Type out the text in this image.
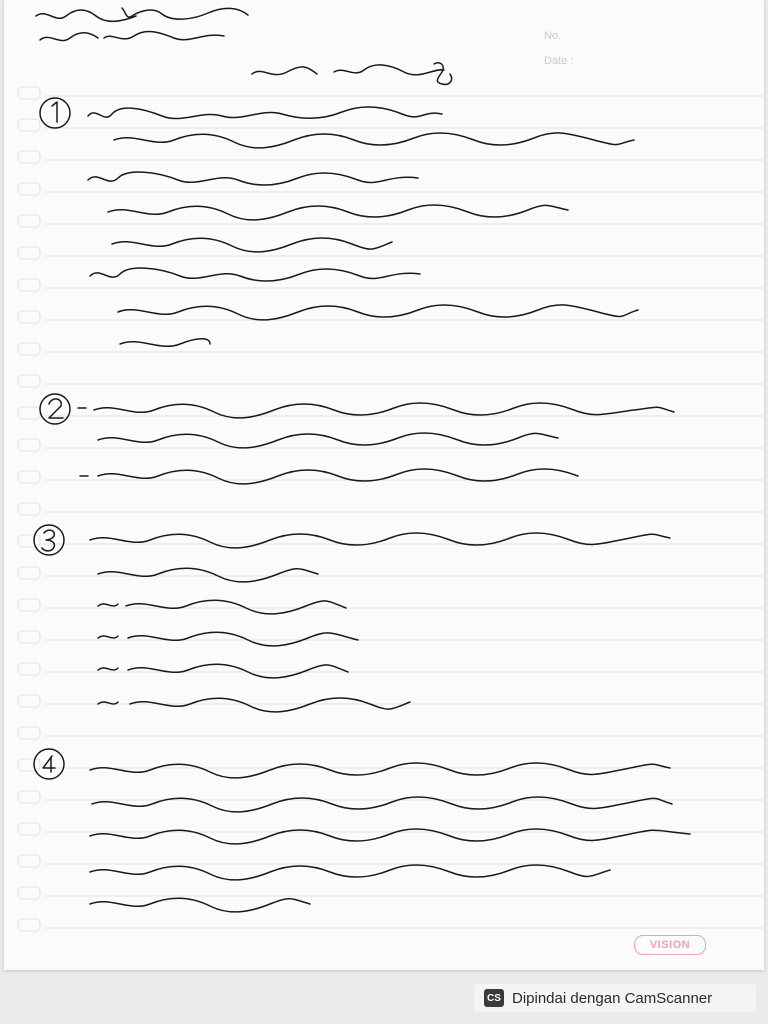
No.
Date :
VISION
CS Dipindai dengan CamScanner
